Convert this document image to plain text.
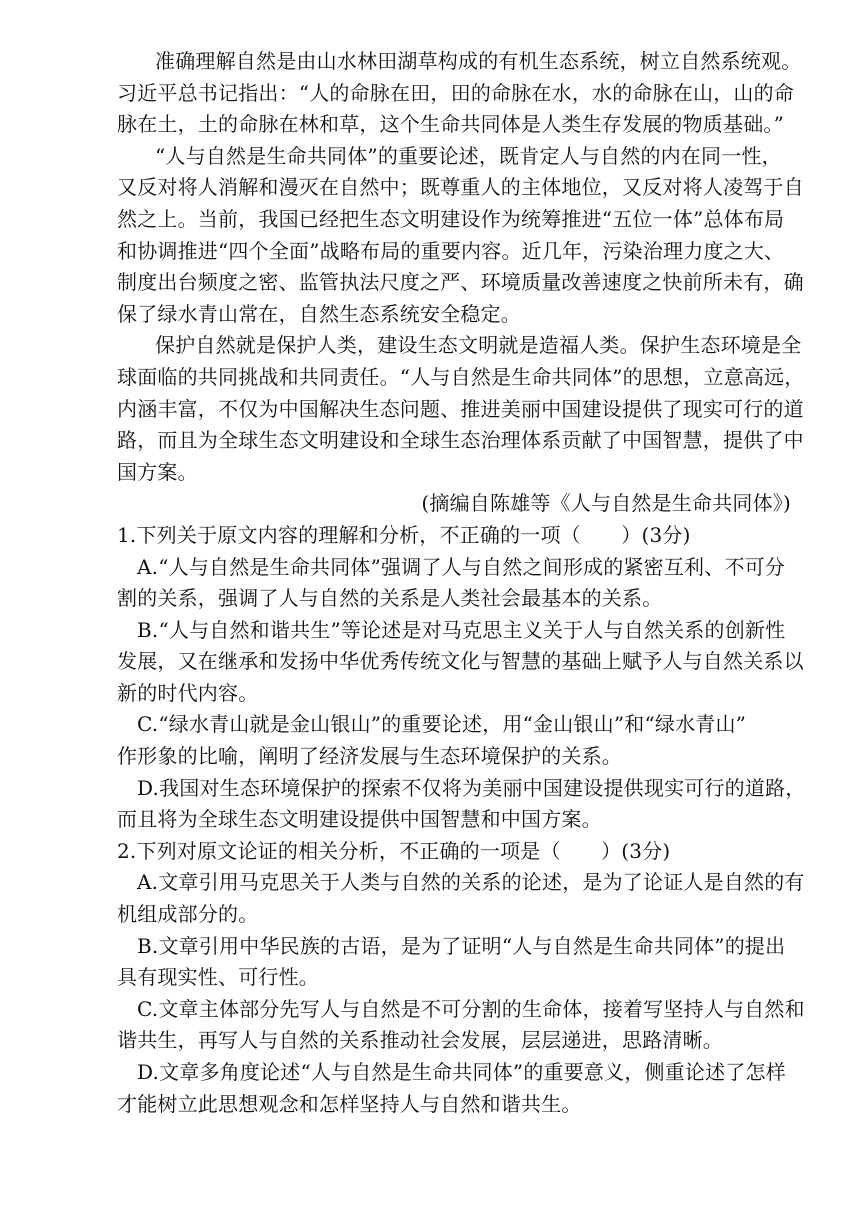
准确理解自然是由山水林田湖草构成的有机生态系统，树立自然系统观。
习近平总书记指出：“人的命脉在田，田的命脉在水，水的命脉在山，山的命
脉在土，土的命脉在林和草，这个生命共同体是人类生存发展的物质基础。”
“人与自然是生命共同体”的重要论述，既肯定人与自然的内在同一性，
又反对将人消解和漫灭在自然中；既尊重人的主体地位，又反对将人凌驾于自
然之上。当前，我国已经把生态文明建设作为统筹推进“五位一体”总体布局
和协调推进“四个全面”战略布局的重要内容。近几年，污染治理力度之大、
制度出台频度之密、监管执法尺度之严、环境质量改善速度之快前所未有，确
保了绿水青山常在，自然生态系统安全稳定。
保护自然就是保护人类，建设生态文明就是造福人类。保护生态环境是全
球面临的共同挑战和共同责任。“人与自然是生命共同体”的思想，立意高远，
内涵丰富，不仅为中国解决生态问题、推进美丽中国建设提供了现实可行的道
路，而且为全球生态文明建设和全球生态治理体系贡献了中国智慧，提供了中
国方案。
(摘编自陈雄等《人与自然是生命共同体》)
1.下列关于原文内容的理解和分析，不正确的一项（　　）(3分)
A.“人与自然是生命共同体”强调了人与自然之间形成的紧密互利、不可分
割的关系，强调了人与自然的关系是人类社会最基本的关系。
B.“人与自然和谐共生”等论述是对马克思主义关于人与自然关系的创新性
发展，又在继承和发扬中华优秀传统文化与智慧的基础上赋予人与自然关系以
新的时代内容。
C.“绿水青山就是金山银山”的重要论述，用“金山银山”和“绿水青山”
作形象的比喻，阐明了经济发展与生态环境保护的关系。
D.我国对生态环境保护的探索不仅将为美丽中国建设提供现实可行的道路，
而且将为全球生态文明建设提供中国智慧和中国方案。
2.下列对原文论证的相关分析，不正确的一项是（　　）(3分)
A.文章引用马克思关于人类与自然的关系的论述，是为了论证人是自然的有
机组成部分的。
B.文章引用中华民族的古语，是为了证明“人与自然是生命共同体”的提出
具有现实性、可行性。
C.文章主体部分先写人与自然是不可分割的生命体，接着写坚持人与自然和
谐共生，再写人与自然的关系推动社会发展，层层递进，思路清晰。
D.文章多角度论述“人与自然是生命共同体”的重要意义，侧重论述了怎样
才能树立此思想观念和怎样坚持人与自然和谐共生。
